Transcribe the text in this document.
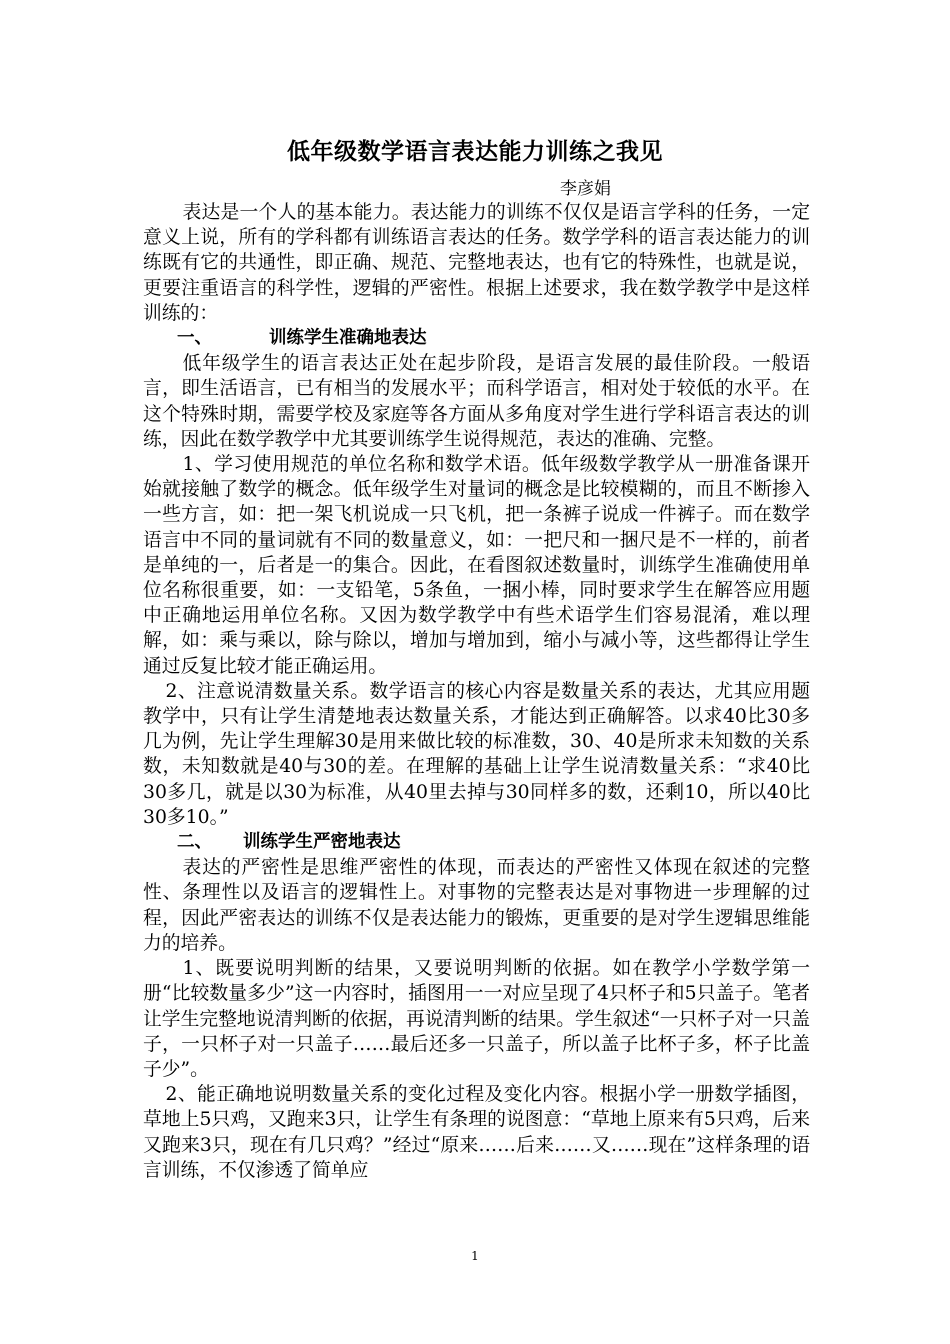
低年级数学语言表达能力训练之我见
李彦娟

表达是一个人的基本能力。表达能力的训练不仅仅是语言学科的任务，一定意义上说，所有的学科都有训练语言表达的任务。数学学科的语言表达能力的训练既有它的共通性，即正确、规范、完整地表达，也有它的特殊性，也就是说，更要注重语言的科学性，逻辑的严密性。根据上述要求，我在数学教学中是这样训练的：

一、	训练学生准确地表达

低年级学生的语言表达正处在起步阶段，是语言发展的最佳阶段。一般语言，即生活语言，已有相当的发展水平；而科学语言，相对处于较低的水平。在这个特殊时期，需要学校及家庭等各方面从多角度对学生进行学科语言表达的训练，因此在数学教学中尤其要训练学生说得规范，表达的准确、完整。

1、学习使用规范的单位名称和数学术语。低年级数学教学从一册准备课开始就接触了数学的概念。低年级学生对量词的概念是比较模糊的，而且不断掺入一些方言，如：把一架飞机说成一只飞机，把一条裤子说成一件裤子。而在数学语言中不同的量词就有不同的数量意义，如：一把尺和一捆尺是不一样的，前者是单纯的一，后者是一的集合。因此，在看图叙述数量时，训练学生准确使用单位名称很重要，如：一支铅笔，5条鱼，一捆小棒，同时要求学生在解答应用题中正确地运用单位名称。又因为数学教学中有些术语学生们容易混淆，难以理解，如：乘与乘以，除与除以，增加与增加到，缩小与减小等，这些都得让学生通过反复比较才能正确运用。

2、注意说清数量关系。数学语言的核心内容是数量关系的表达，尤其应用题教学中，只有让学生清楚地表达数量关系，才能达到正确解答。以求40比30多几为例，先让学生理解30是用来做比较的标准数，30、40是所求未知数的关系数，未知数就是40与30的差。在理解的基础上让学生说清数量关系：“求40比30多几，就是以30为标准，从40里去掉与30同样多的数，还剩10，所以40比30多10。”

二、 训练学生严密地表达

表达的严密性是思维严密性的体现，而表达的严密性又体现在叙述的完整性、条理性以及语言的逻辑性上。对事物的完整表达是对事物进一步理解的过程，因此严密表达的训练不仅是表达能力的锻炼，更重要的是对学生逻辑思维能力的培养。

1、既要说明判断的结果，又要说明判断的依据。如在教学小学数学第一册“比较数量多少”这一内容时，插图用一一对应呈现了4只杯子和5只盖子。笔者让学生完整地说清判断的依据，再说清判断的结果。学生叙述“一只杯子对一只盖子，一只杯子对一只盖子……最后还多一只盖子，所以盖子比杯子多，杯子比盖子少”。

2、能正确地说明数量关系的变化过程及变化内容。根据小学一册数学插图，草地上5只鸡，又跑来3只，让学生有条理的说图意：“草地上原来有5只鸡，后来又跑来3只，现在有几只鸡？”经过“原来……后来……又……现在”这样条理的语言训练，不仅渗透了简单应

1
